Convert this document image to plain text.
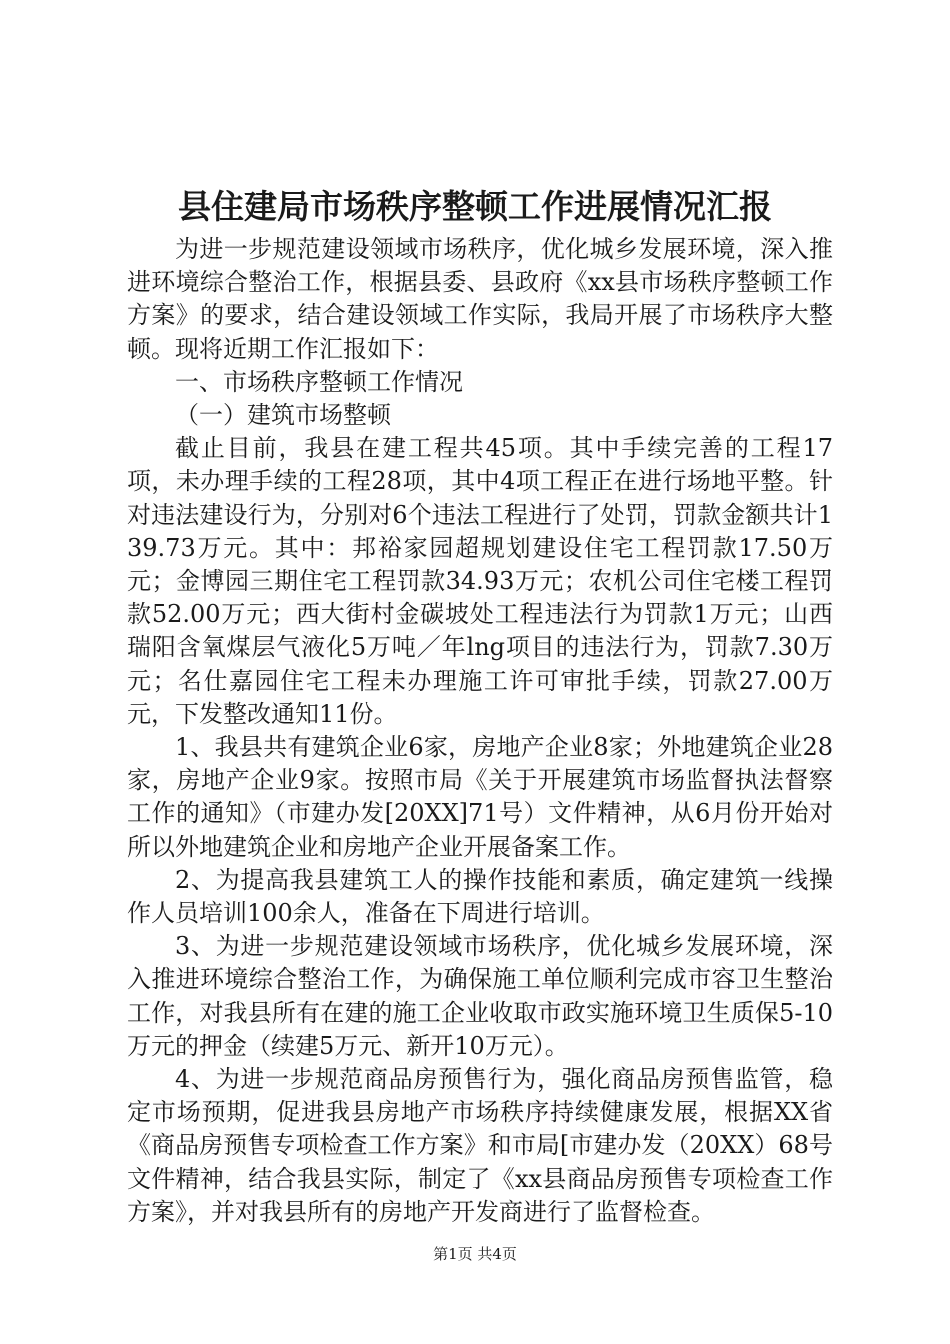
县住建局市场秩序整顿工作进展情况汇报

为进一步规范建设领域市场秩序，优化城乡发展环境，深入推进环境综合整治工作，根据县委、县政府《xx县市场秩序整顿工作方案》的要求，结合建设领域工作实际，我局开展了市场秩序大整顿。现将近期工作汇报如下：

一、市场秩序整顿工作情况

（一）建筑市场整顿

截止目前，我县在建工程共45项。其中手续完善的工程17项，未办理手续的工程28项，其中4项工程正在进行场地平整。针对违法建设行为，分别对6个违法工程进行了处罚，罚款金额共计139.73万元。其中：邦裕家园超规划建设住宅工程罚款17.50万元；金博园三期住宅工程罚款34.93万元；农机公司住宅楼工程罚款52.00万元；西大街村金碳坡处工程违法行为罚款1万元；山西瑞阳含氧煤层气液化5万吨／年lng项目的违法行为，罚款7.30万元；名仕嘉园住宅工程未办理施工许可审批手续，罚款27.00万元，下发整改通知11份。

1、我县共有建筑企业6家，房地产企业8家；外地建筑企业28家，房地产企业9家。按照市局《关于开展建筑市场监督执法督察工作的通知》（市建办发[20XX]71号）文件精神，从6月份开始对所以外地建筑企业和房地产企业开展备案工作。

2、为提高我县建筑工人的操作技能和素质，确定建筑一线操作人员培训100余人，准备在下周进行培训。

3、为进一步规范建设领域市场秩序，优化城乡发展环境，深入推进环境综合整治工作，为确保施工单位顺利完成市容卫生整治工作，对我县所有在建的施工企业收取市政实施环境卫生质保5-10万元的押金（续建5万元、新开10万元）。

4、为进一步规范商品房预售行为，强化商品房预售监管，稳定市场预期，促进我县房地产市场秩序持续健康发展，根据XX省《商品房预售专项检查工作方案》和市局[市建办发（20XX）68号文件精神，结合我县实际，制定了《xx县商品房预售专项检查工作方案》，并对我县所有的房地产开发商进行了监督检查。

第1页 共4页
